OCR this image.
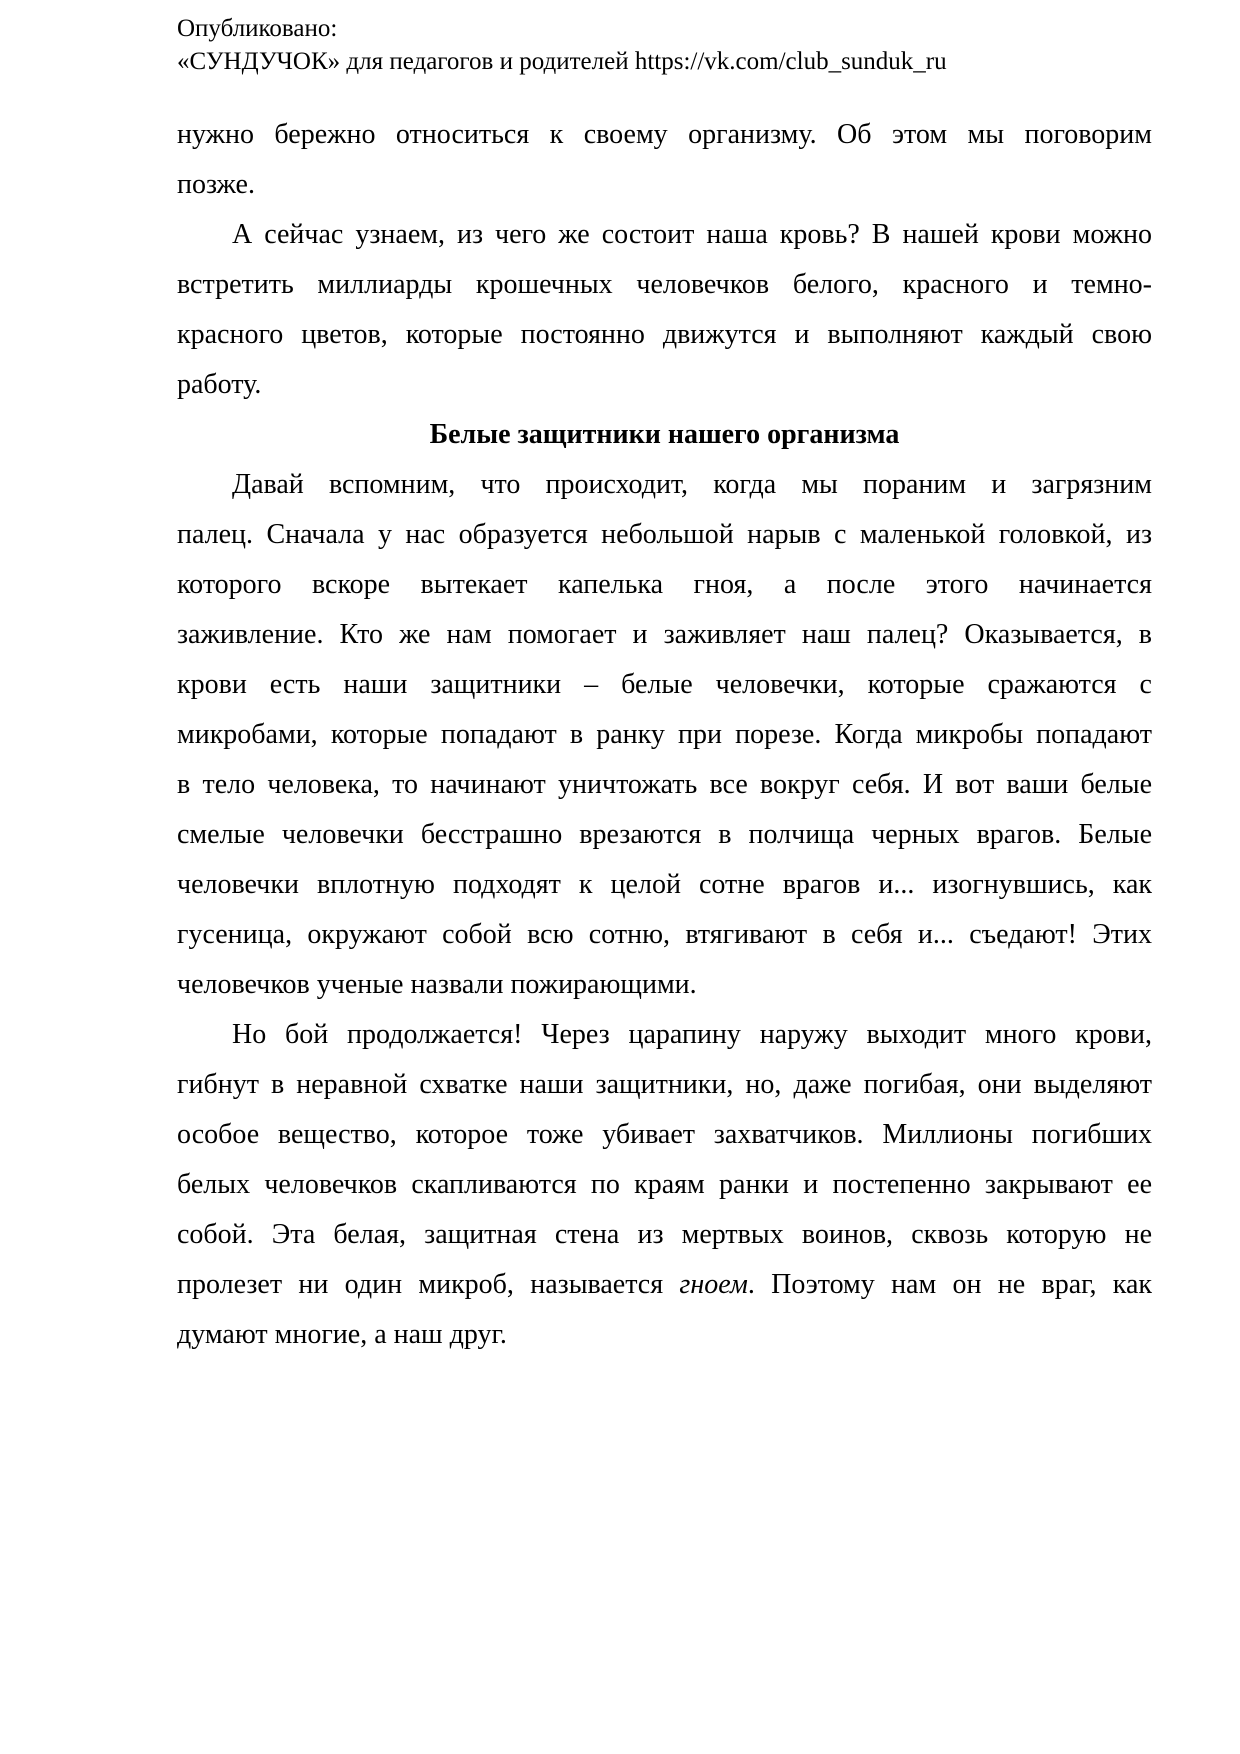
Опубликовано:
«СУНДУЧОК» для педагогов и родителей https://vk.com/club_sunduk_ru
нужно бережно относиться к своему организму. Об этом мы поговорим
позже.
А сейчас узнаем, из чего же состоит наша кровь? В нашей крови можно
встретить миллиарды крошечных человечков белого, красного и темно-
красного цветов, которые постоянно движутся и выполняют каждый свою
работу.
Белые защитники нашего организма
Давай вспомним, что происходит, когда мы пораним и загрязним
палец. Сначала у нас образуется небольшой нарыв с маленькой головкой, из
которого вскоре вытекает капелька гноя, а после этого начинается
заживление. Кто же нам помогает и заживляет наш палец? Оказывается, в
крови есть наши защитники – белые человечки, которые сражаются с
микробами, которые попадают в ранку при порезе. Когда микробы попадают
в тело человека, то начинают уничтожать все вокруг себя. И вот ваши белые
смелые человечки бесстрашно врезаются в полчища черных врагов. Белые
человечки вплотную подходят к целой сотне врагов и... изогнувшись, как
гусеница, окружают собой всю сотню, втягивают в себя и... съедают! Этих
человечков ученые назвали пожирающими.
Но бой продолжается! Через царапину наружу выходит много крови,
гибнут в неравной схватке наши защитники, но, даже погибая, они выделяют
особое вещество, которое тоже убивает захватчиков. Миллионы погибших
белых человечков скапливаются по краям ранки и постепенно закрывают ее
собой. Эта белая, защитная стена из мертвых воинов, сквозь которую не
пролезет ни один микроб, называется гноем. Поэтому нам он не враг, как
думают многие, а наш друг.
